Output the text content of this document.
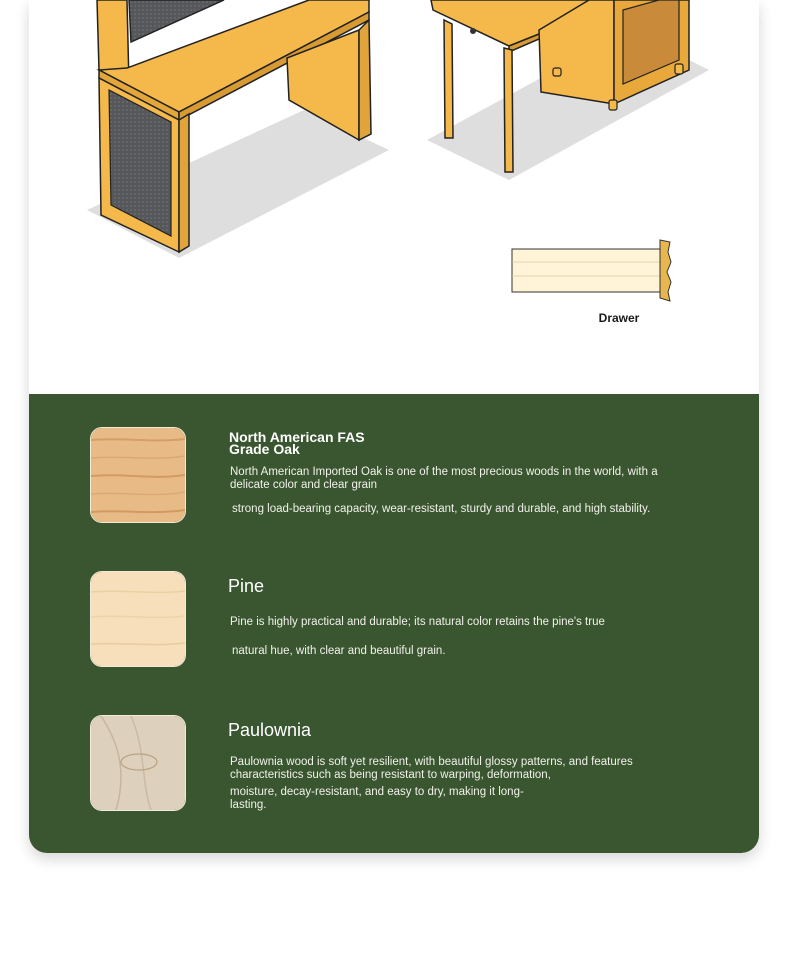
Drawer

North American FAS
Grade Oak

North American Imported Oak is one of the most precious woods in the world, with a delicate color and clear grain

strong load-bearing capacity, wear-resistant, sturdy and durable, and high stability.

Pine

Pine is highly practical and durable; its natural color retains the pine's true

natural hue, with clear and beautiful grain.

Paulownia

Paulownia wood is soft yet resilient, with beautiful glossy patterns, and features characteristics such as being resistant to warping, deformation,

moisture, decay-resistant, and easy to dry, making it long-lasting.
